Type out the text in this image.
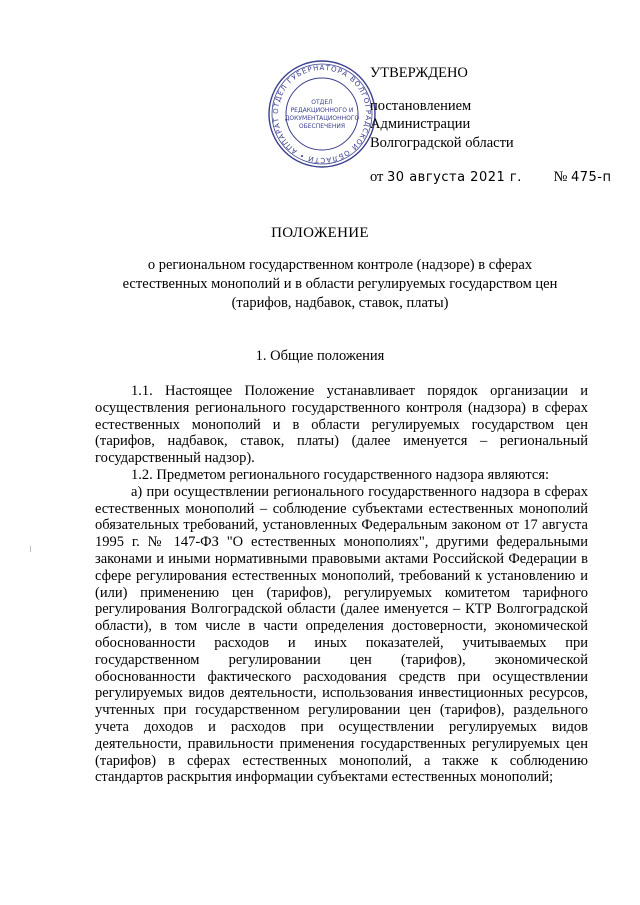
ОТДЕЛ ГУБЕРНАТОРА ВОЛГОГРАДСКОЙ ОБЛАСТИ • АППАРАТ
ОТДЕЛ
РЕДАКЦИОННОГО И
ДОКУМЕНТАЦИОННОГО
ОБЕСПЕЧЕНИЯ
УТВЕРЖДЕНО
постановлением
Администрации
Волгоградской области
от 30 августа 2021 г. № 475-п
ПОЛОЖЕНИЕ
о региональном государственном контроле (надзоре) в сферах
естественных монополий и в области регулируемых государством цен
(тарифов, надбавок, ставок, платы)
1. Общие положения

1.1. Настоящее Положение устанавливает порядок организации и осуществления регионального государственного контроля (надзора) в сферах естественных монополий и в области регулируемых государством цен (тарифов, надбавок, ставок, платы) (далее именуется – региональный государственный надзор).

1.2. Предметом регионального государственного надзора являются:

а) при осуществлении регионального государственного надзора в сферах естественных монополий – соблюдение субъектами естественных монополий обязательных требований, установленных Федеральным законом от 17 августа 1995 г. № 147-ФЗ "О естественных монополиях", другими федеральными законами и иными нормативными правовыми актами Российской Федерации в сфере регулирования естественных монополий, требований к установлению и (или) применению цен (тарифов), регулируемых комитетом тарифного регулирования Волгоградской области (далее именуется – КТР Волгоградской области), в том числе в части определения достоверности, экономической обоснованности расходов и иных показателей, учитываемых при государственном регулировании цен (тарифов), экономической обоснованности фактического расходования средств при осуществлении регулируемых видов деятельности, использования инвестиционных ресурсов, учтенных при государственном регулировании цен (тарифов), раздельного учета доходов и расходов при осуществлении регулируемых видов деятельности, правильности применения государственных регулируемых цен (тарифов) в сферах естественных монополий, а также к соблюдению стандартов раскрытия информации субъектами естественных монополий;
